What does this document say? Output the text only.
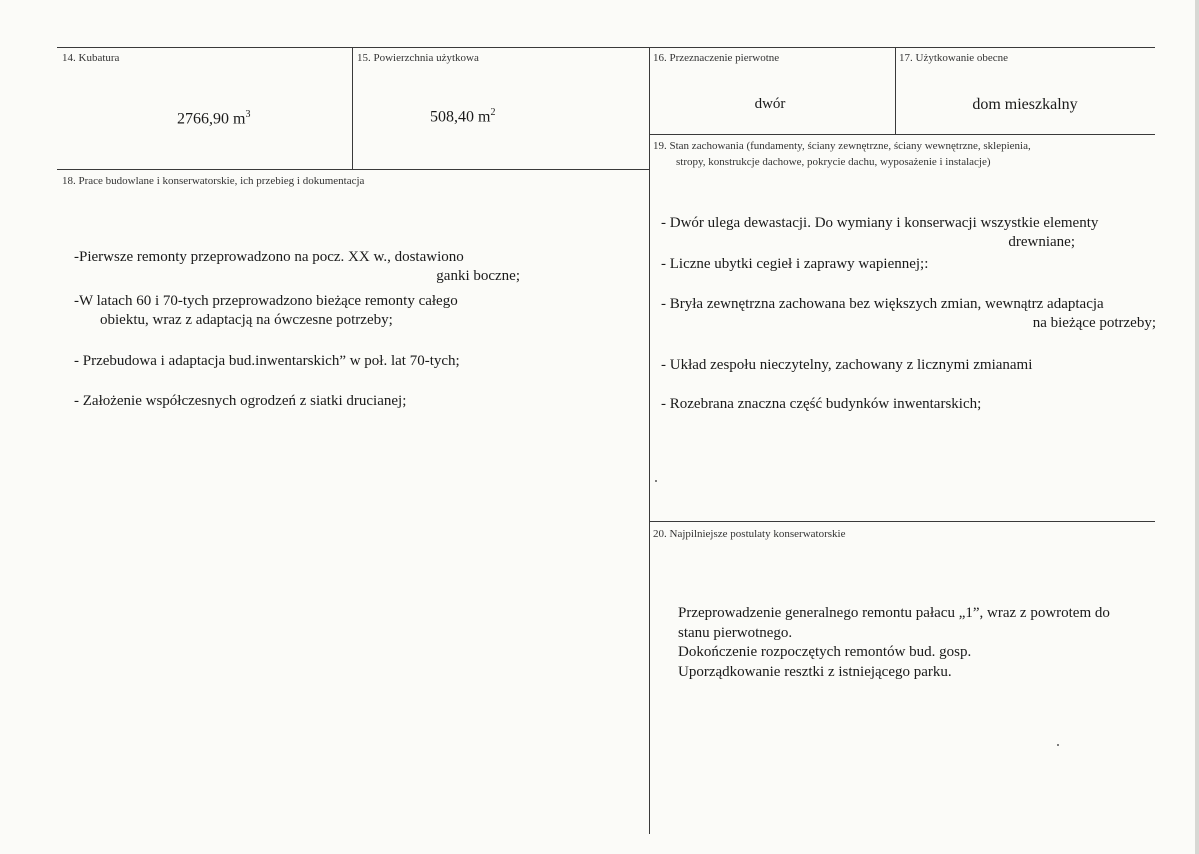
14. Kubatura
2766,90 $m^3$
15. Powierzchnia użytkowa
508,40 $m^2$
16. Przeznaczenie pierwotne
dwór
17. Użytkowanie obecne
dom mieszkalny
18. Prace budowlane i konserwatorskie, ich przebieg i dokumentacja
-Pierwsze remonty przeprowadzono na pocz. XX w., dostawiono
ganki boczne;
-W latach 60 i 70-tych przeprowadzono bieżące remonty całego
obiektu, wraz z adaptacją na ówczesne potrzeby;
- Przebudowa i adaptacja bud.inwentarskich” w poł. lat 70-tych;
- Założenie współczesnych ogrodzeń z siatki drucianej;
19. Stan zachowania (fundamenty, ściany zewnętrzne, ściany wewnętrzne, sklepienia,
stropy, konstrukcje dachowe, pokrycie dachu, wyposażenie i instalacje)
- Dwór ulega dewastacji. Do wymiany i konserwacji wszystkie elementy
drewniane;
- Liczne ubytki cegieł i zaprawy wapiennej;:
- Bryła zewnętrzna zachowana bez większych zmian, wewnątrz adaptacja
na bieżące potrzeby;
- Układ zespołu nieczytelny, zachowany z licznymi zmianami
- Rozebrana znaczna część budynków inwentarskich;
20. Najpilniejsze postulaty konserwatorskie
Przeprowadzenie generalnego remontu pałacu „1”, wraz z powrotem do
stanu pierwotnego.
Dokończenie rozpoczętych remontów bud. gosp.
Uporządkowanie resztki z istniejącego parku.
